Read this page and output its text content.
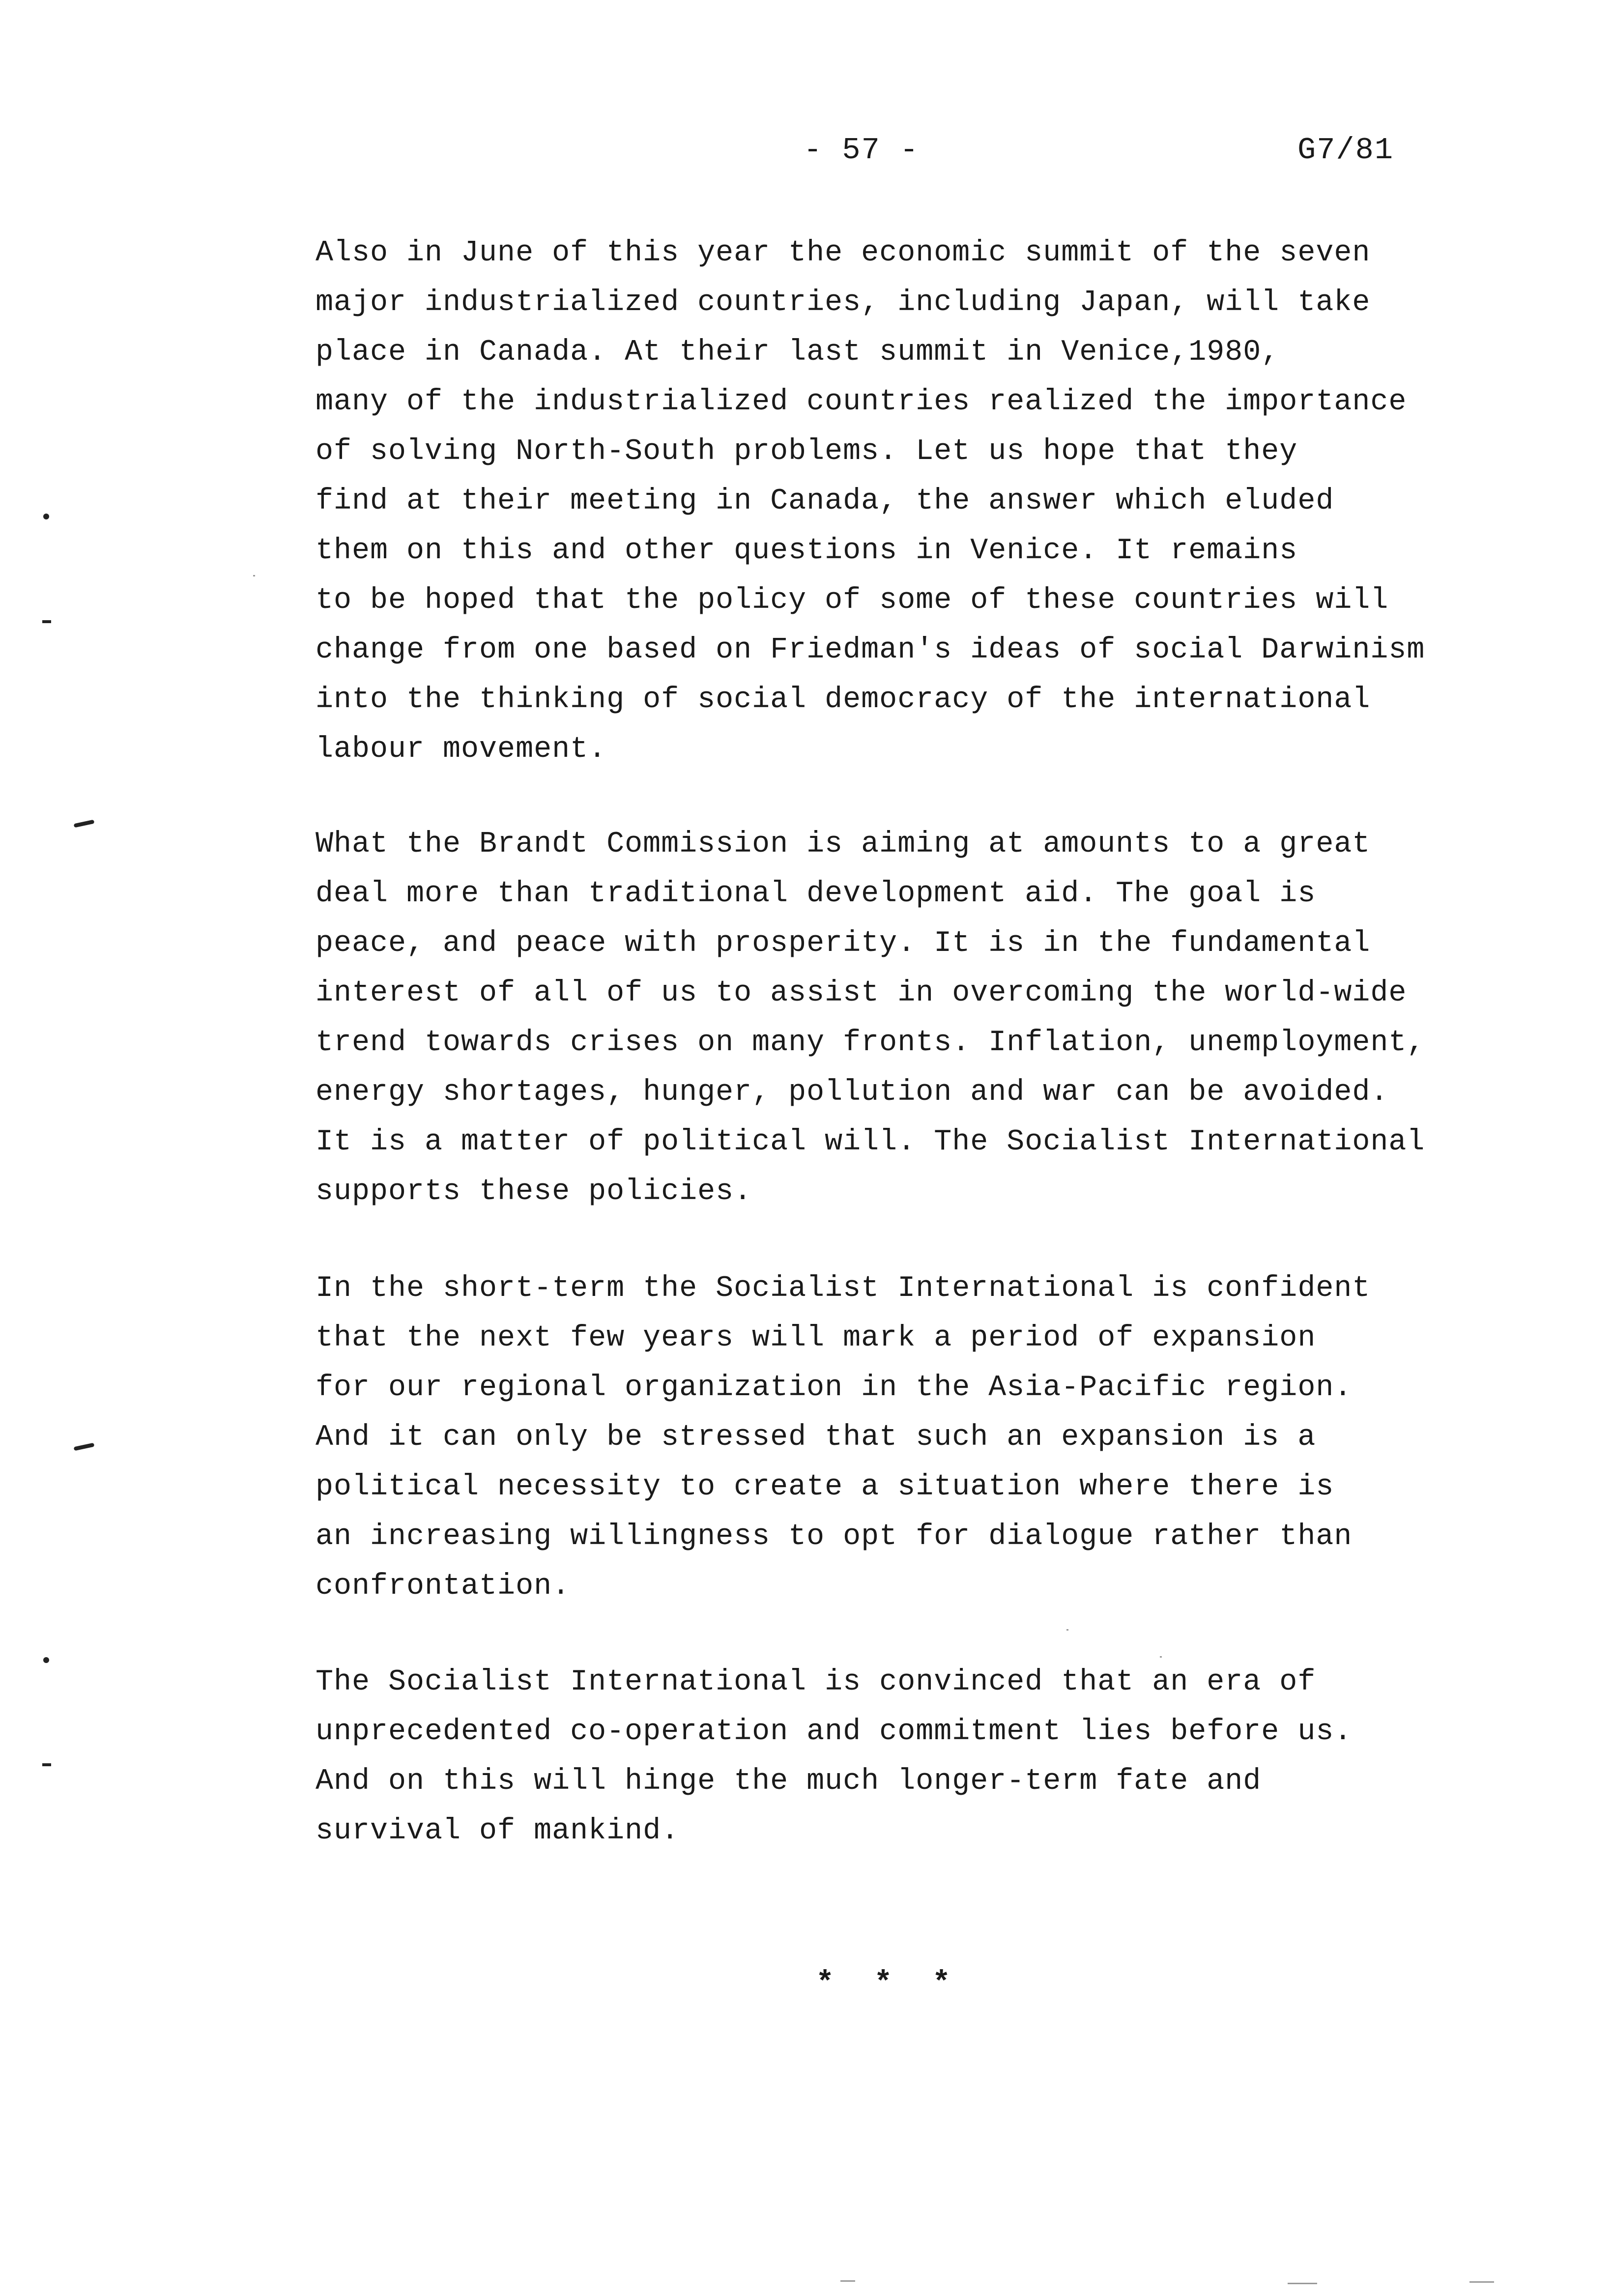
- 57 -	G7/81
Also in June of this year the economic summit of the seven
major industrialized countries, including Japan, will take
place in Canada. At their last summit in Venice,1980,
many of the industrialized countries realized the importance
of solving North-South problems. Let us hope that they
find at their meeting in Canada, the answer which eluded
them on this and other questions in Venice. It remains
to be hoped that the policy of some of these countries will
change from one based on Friedman's ideas of social Darwinism
into the thinking of social democracy of the international
labour movement.
What the Brandt Commission is aiming at amounts to a great
deal more than traditional development aid. The goal is
peace, and peace with prosperity. It is in the fundamental
interest of all of us to assist in overcoming the world-wide
trend towards crises on many fronts. Inflation, unemployment,
energy shortages, hunger, pollution and war can be avoided.
It is a matter of political will. The Socialist International
supports these policies.
In the short-term the Socialist International is confident
that the next few years will mark a period of expansion
for our regional organization in the Asia-Pacific region.
And it can only be stressed that such an expansion is a
political necessity to create a situation where there is
an increasing willingness to opt for dialogue rather than
confrontation.
The Socialist International is convinced that an era of
unprecedented co-operation and commitment lies before us.
And on this will hinge the much longer-term fate and
survival of mankind.
* * *
